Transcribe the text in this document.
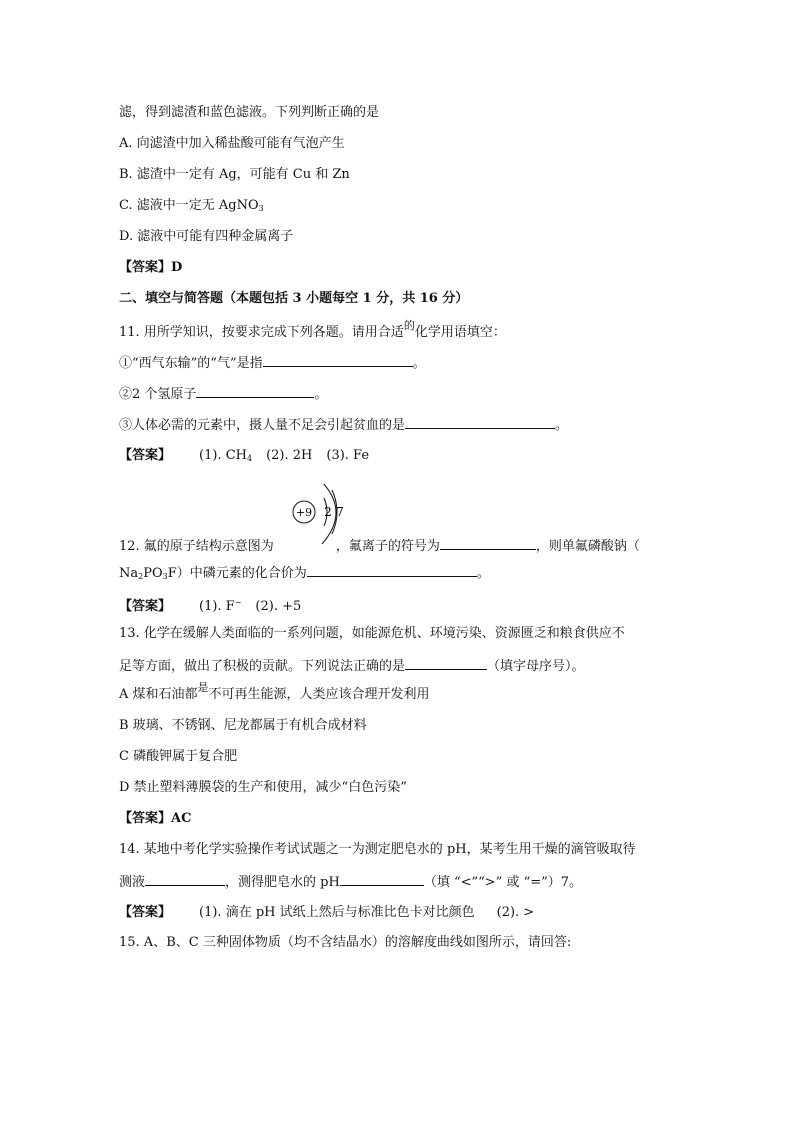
滤，得到滤渣和蓝色滤液。下列判断正确的是
A. 向滤渣中加入稀盐酸可能有气泡产生
B. 滤渣中一定有 Ag，可能有 Cu 和 Zn
C. 滤液中一定无 AgNO$_3$
D. 滤液中可能有四种金属离子
【答案】D
二、填空与简答题（本题包括 3 小题每空 1 分，共 16 分）
11. 用所学知识，按要求完成下列各题。请用合适$^的$化学用语填空：
①“西气东输”的“气”是指	。
②2 个氢原子	。
③人体必需的元素中，摄人量不足会引起贫血的是	。
【答案】 (1). $CH_4$ (2). 2H (3). Fe
+9 2 7
12. 氟的原子结构示意图为	，氟离子的符号为	，则单氟磷酸钠（
$Na_2PO_3F$）中磷元素的化合价为	。
【答案】 (1). F− (2). +5
13. 化学在缓解人类面临的一系列问题，如能源危机、环境污染、资源匮乏和粮食供应不
足等方面，做出了积极的贡献。下列说法正确的是	（填字母序号）。
A 煤和石油都$^是$不可再生能源，人类应该合理开发利用
B 玻璃、不锈钢、尼龙都属于有机合成材料
C 磷酸钾属于复合肥
D 禁止塑料薄膜袋的生产和使用，减少“白色污染”
【答案】AC
14. 某地中考化学实验操作考试试题之一为测定肥皂水的 pH，某考生用干燥的滴管吸取待
测液	，测得肥皂水的 pH	（填 “<”“>” 或 “=”）7。
【答案】 (1). 滴在 pH 试纸上然后与标准比色卡对比颜色 (2). >
15. A、B、C 三种固体物质（均不含结晶水）的溶解度曲线如图所示，请回答:
